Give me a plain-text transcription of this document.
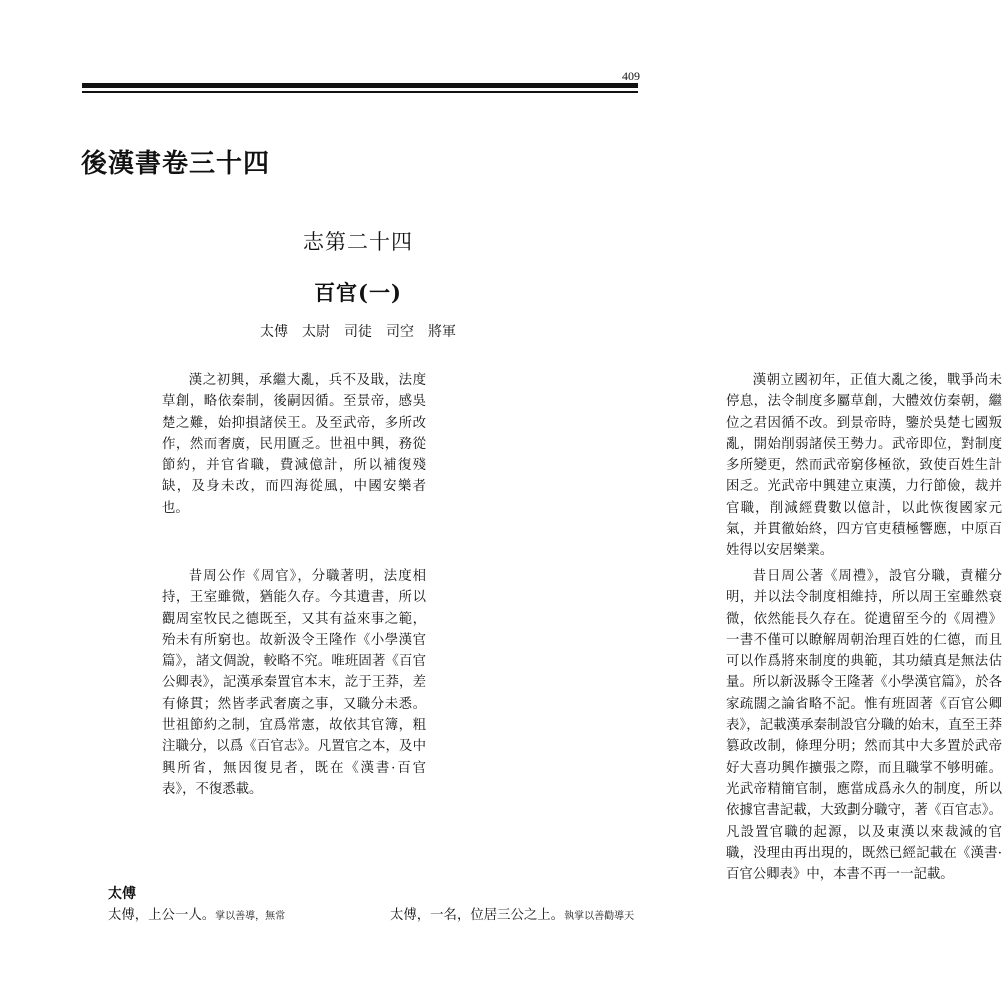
409
後漢書卷三十四
志第二十四
百官(一)
太傅　太尉　司徒　司空　將軍

漢之初興，承繼大亂，兵不及戢，法度草創，略依秦制，後嗣因循。至景帝，感吳楚之難，始抑損諸侯王。及至武帝，多所改作，然而奢廣，民用匱乏。世祖中興，務從節約，并官省職，費減億計，所以補復殘缺，及身未改，而四海從風，中國安樂者也。

昔周公作《周官》，分職著明，法度相持，王室雖微，猶能久存。今其遺書，所以觀周室牧民之德既至，又其有益來事之範，殆未有所窮也。故新汲令王隆作《小學漢官篇》，諸文倜說，較略不究。唯班固著《百官公卿表》，記漢承秦置官本末，訖于王莽，差有條貫；然皆孝武奢廣之事，又職分未悉。世祖節約之制，宜爲常憲，故依其官簿，粗注職分，以爲《百官志》。凡置官之本，及中興所省，無因復見者，既在《漢書·百官表》，不復悉載。

漢朝立國初年，正值大亂之後，戰爭尚未停息，法令制度多屬草創，大體效仿秦朝，繼位之君因循不改。到景帝時，鑒於吳楚七國叛亂，開始削弱諸侯王勢力。武帝即位，對制度多所變更，然而武帝窮侈極欲，致使百姓生計困乏。光武帝中興建立東漢，力行節儉，裁并官職，削減經費數以億計，以此恢復國家元氣，并貫徹始終，四方官吏積極響應，中原百姓得以安居樂業。

昔日周公著《周禮》，設官分職，責權分明，并以法令制度相維持，所以周王室雖然衰微，依然能長久存在。從遺留至今的《周禮》一書不僅可以瞭解周朝治理百姓的仁德，而且可以作爲將來制度的典範，其功績真是無法估量。所以新汲縣令王隆著《小學漢官篇》，於各家疏闊之論省略不記。惟有班固著《百官公卿表》，記載漢承秦制設官分職的始末，直至王莽篡政改制，條理分明；然而其中大多置於武帝好大喜功興作擴張之際，而且職掌不够明確。光武帝精簡官制，應當成爲永久的制度，所以依據官書記載，大致劃分職守，著《百官志》。凡設置官職的起源，以及東漢以來裁減的官職，没理由再出現的，既然已經記載在《漢書·百官公卿表》中，本書不再一一記載。

太傅
太傅，上公一人。掌以善導，無常	太傅，一名，位居三公之上。執掌以善勸導天
